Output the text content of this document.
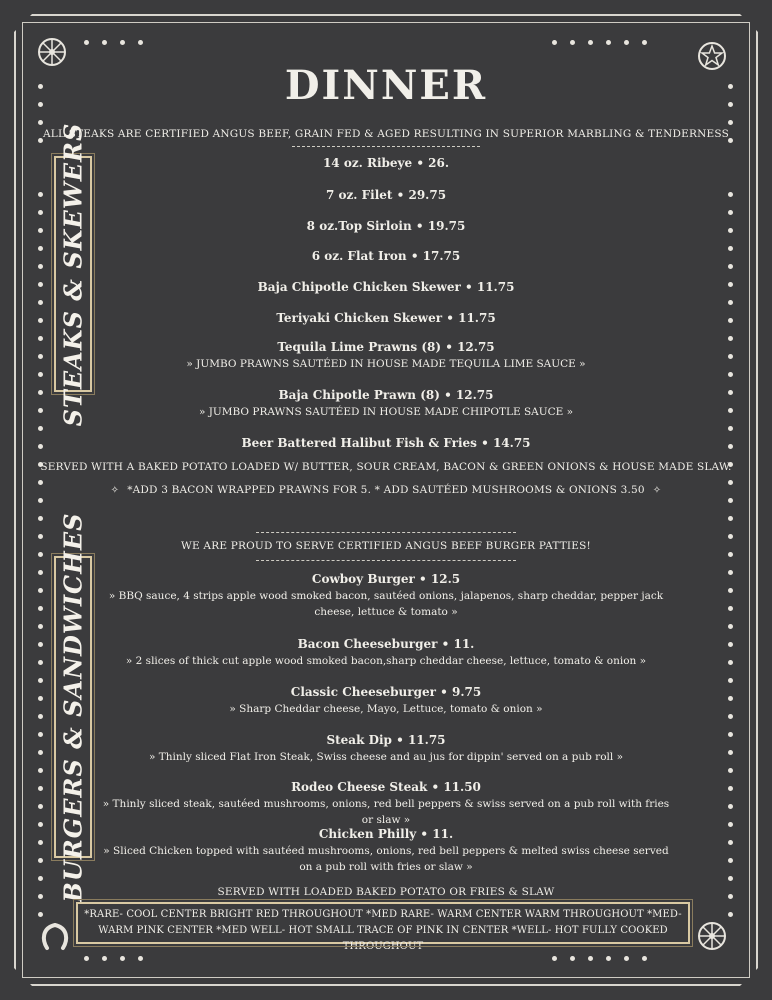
DINNER
ALL STEAKS ARE CERTIFIED ANGUS BEEF, GRAIN FED & AGED RESULTING IN SUPERIOR MARBLING & TENDERNESS
STEAKS & SKEWERS	14 oz. Ribeye • 26.
7 oz. Filet • 29.75
8 oz.Top Sirloin • 19.75
6 oz. Flat Iron • 17.75
Baja Chipotle Chicken Skewer • 11.75
Teriyaki Chicken Skewer • 11.75
Tequila Lime Prawns (8) • 12.75
» JUMBO PRAWNS SAUTÉED IN HOUSE MADE TEQUILA LIME SAUCE »
Baja Chipotle Prawn (8) • 12.75
» JUMBO PRAWNS SAUTÉED IN HOUSE MADE CHIPOTLE SAUCE »
Beer Battered Halibut Fish & Fries • 14.75
SERVED WITH A BAKED POTATO LOADED W/ BUTTER, SOUR CREAM, BACON & GREEN ONIONS & HOUSE MADE SLAW.
✧ *ADD 3 BACON WRAPPED PRAWNS FOR 5. * ADD SAUTÉED MUSHROOMS & ONIONS 3.50 ✧
WE ARE PROUD TO SERVE CERTIFIED ANGUS BEEF BURGER PATTIES!
BURGERS & SANDWICHES	Cowboy Burger • 12.5
» BBQ sauce, 4 strips apple wood smoked bacon, sautéed onions, jalapenos, sharp cheddar, pepper jack cheese, lettuce & tomato »
Bacon Cheeseburger • 11.
» 2 slices of thick cut apple wood smoked bacon,sharp cheddar cheese, lettuce, tomato & onion »
Classic Cheeseburger • 9.75
» Sharp Cheddar cheese, Mayo, Lettuce, tomato & onion »
Steak Dip • 11.75
» Thinly sliced Flat Iron Steak, Swiss cheese and au jus for dippin' served on a pub roll »
Rodeo Cheese Steak • 11.50
» Thinly sliced steak, sautéed mushrooms, onions, red bell peppers & swiss served on a pub roll with fries or slaw »
Chicken Philly • 11.
» Sliced Chicken topped with sautéed mushrooms, onions, red bell peppers & melted swiss cheese served on a pub roll with fries or slaw »
SERVED WITH LOADED BAKED POTATO OR FRIES & SLAW
*RARE- COOL CENTER BRIGHT RED THROUGHOUT *MED RARE- WARM CENTER WARM THROUGHOUT *MED- WARM PINK CENTER *MED WELL- HOT SMALL TRACE OF PINK IN CENTER *WELL- HOT FULLY COOKED THROUGHOUT
